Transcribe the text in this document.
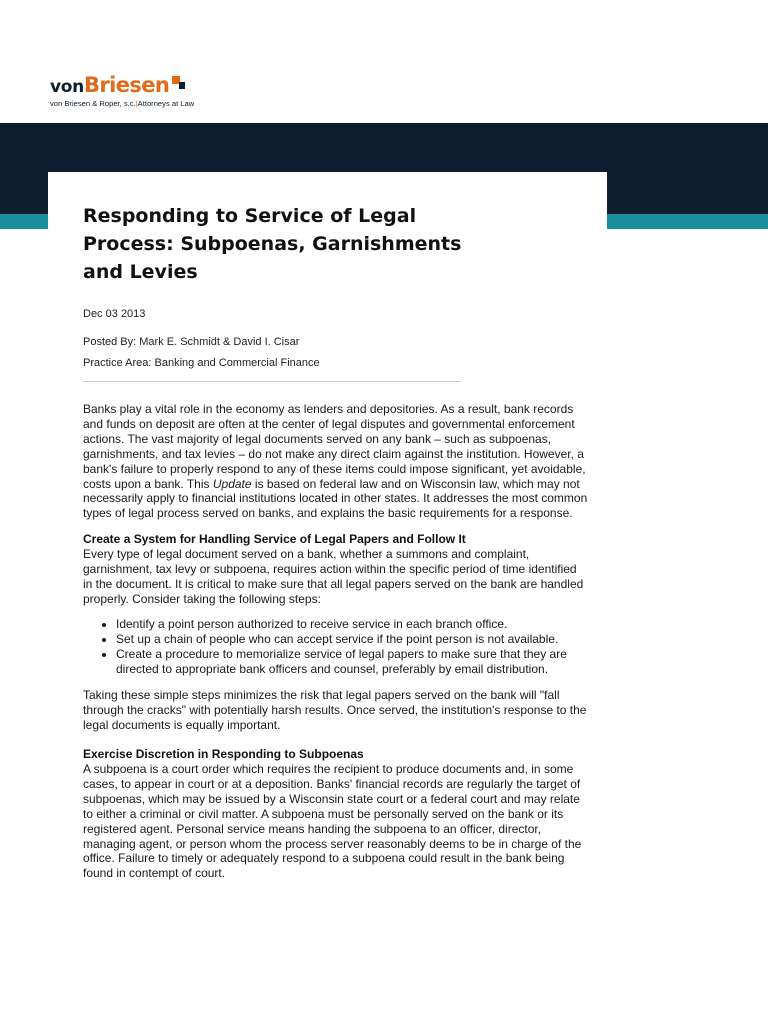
von Briesen
von Briesen & Roper, s.c.|Attorneys at Law
Responding to Service of Legal Process: Subpoenas, Garnishments and Levies
Dec 03 2013
Posted By: Mark E. Schmidt & David I. Cisar
Practice Area: Banking and Commercial Finance

Banks play a vital role in the economy as lenders and depositories. As a result, bank records and funds on deposit are often at the center of legal disputes and governmental enforcement actions. The vast majority of legal documents served on any bank – such as subpoenas, garnishments, and tax levies – do not make any direct claim against the institution. However, a bank's failure to properly respond to any of these items could impose significant, yet avoidable, costs upon a bank. This Update is based on federal law and on Wisconsin law, which may not necessarily apply to financial institutions located in other states. It addresses the most common types of legal process served on banks, and explains the basic requirements for a response.

Create a System for Handling Service of Legal Papers and Follow It

Every type of legal document served on a bank, whether a summons and complaint, garnishment, tax levy or subpoena, requires action within the specific period of time identified in the document. It is critical to make sure that all legal papers served on the bank are handled properly. Consider taking the following steps:

• Identify a point person authorized to receive service in each branch office.
• Set up a chain of people who can accept service if the point person is not available.
• Create a procedure to memorialize service of legal papers to make sure that they are directed to appropriate bank officers and counsel, preferably by email distribution.

Taking these simple steps minimizes the risk that legal papers served on the bank will "fall through the cracks" with potentially harsh results. Once served, the institution's response to the legal documents is equally important.

Exercise Discretion in Responding to Subpoenas

A subpoena is a court order which requires the recipient to produce documents and, in some cases, to appear in court or at a deposition. Banks' financial records are regularly the target of subpoenas, which may be issued by a Wisconsin state court or a federal court and may relate to either a criminal or civil matter. A subpoena must be personally served on the bank or its registered agent. Personal service means handing the subpoena to an officer, director, managing agent, or person whom the process server reasonably deems to be in charge of the office. Failure to timely or adequately respond to a subpoena could result in the bank being found in contempt of court.
